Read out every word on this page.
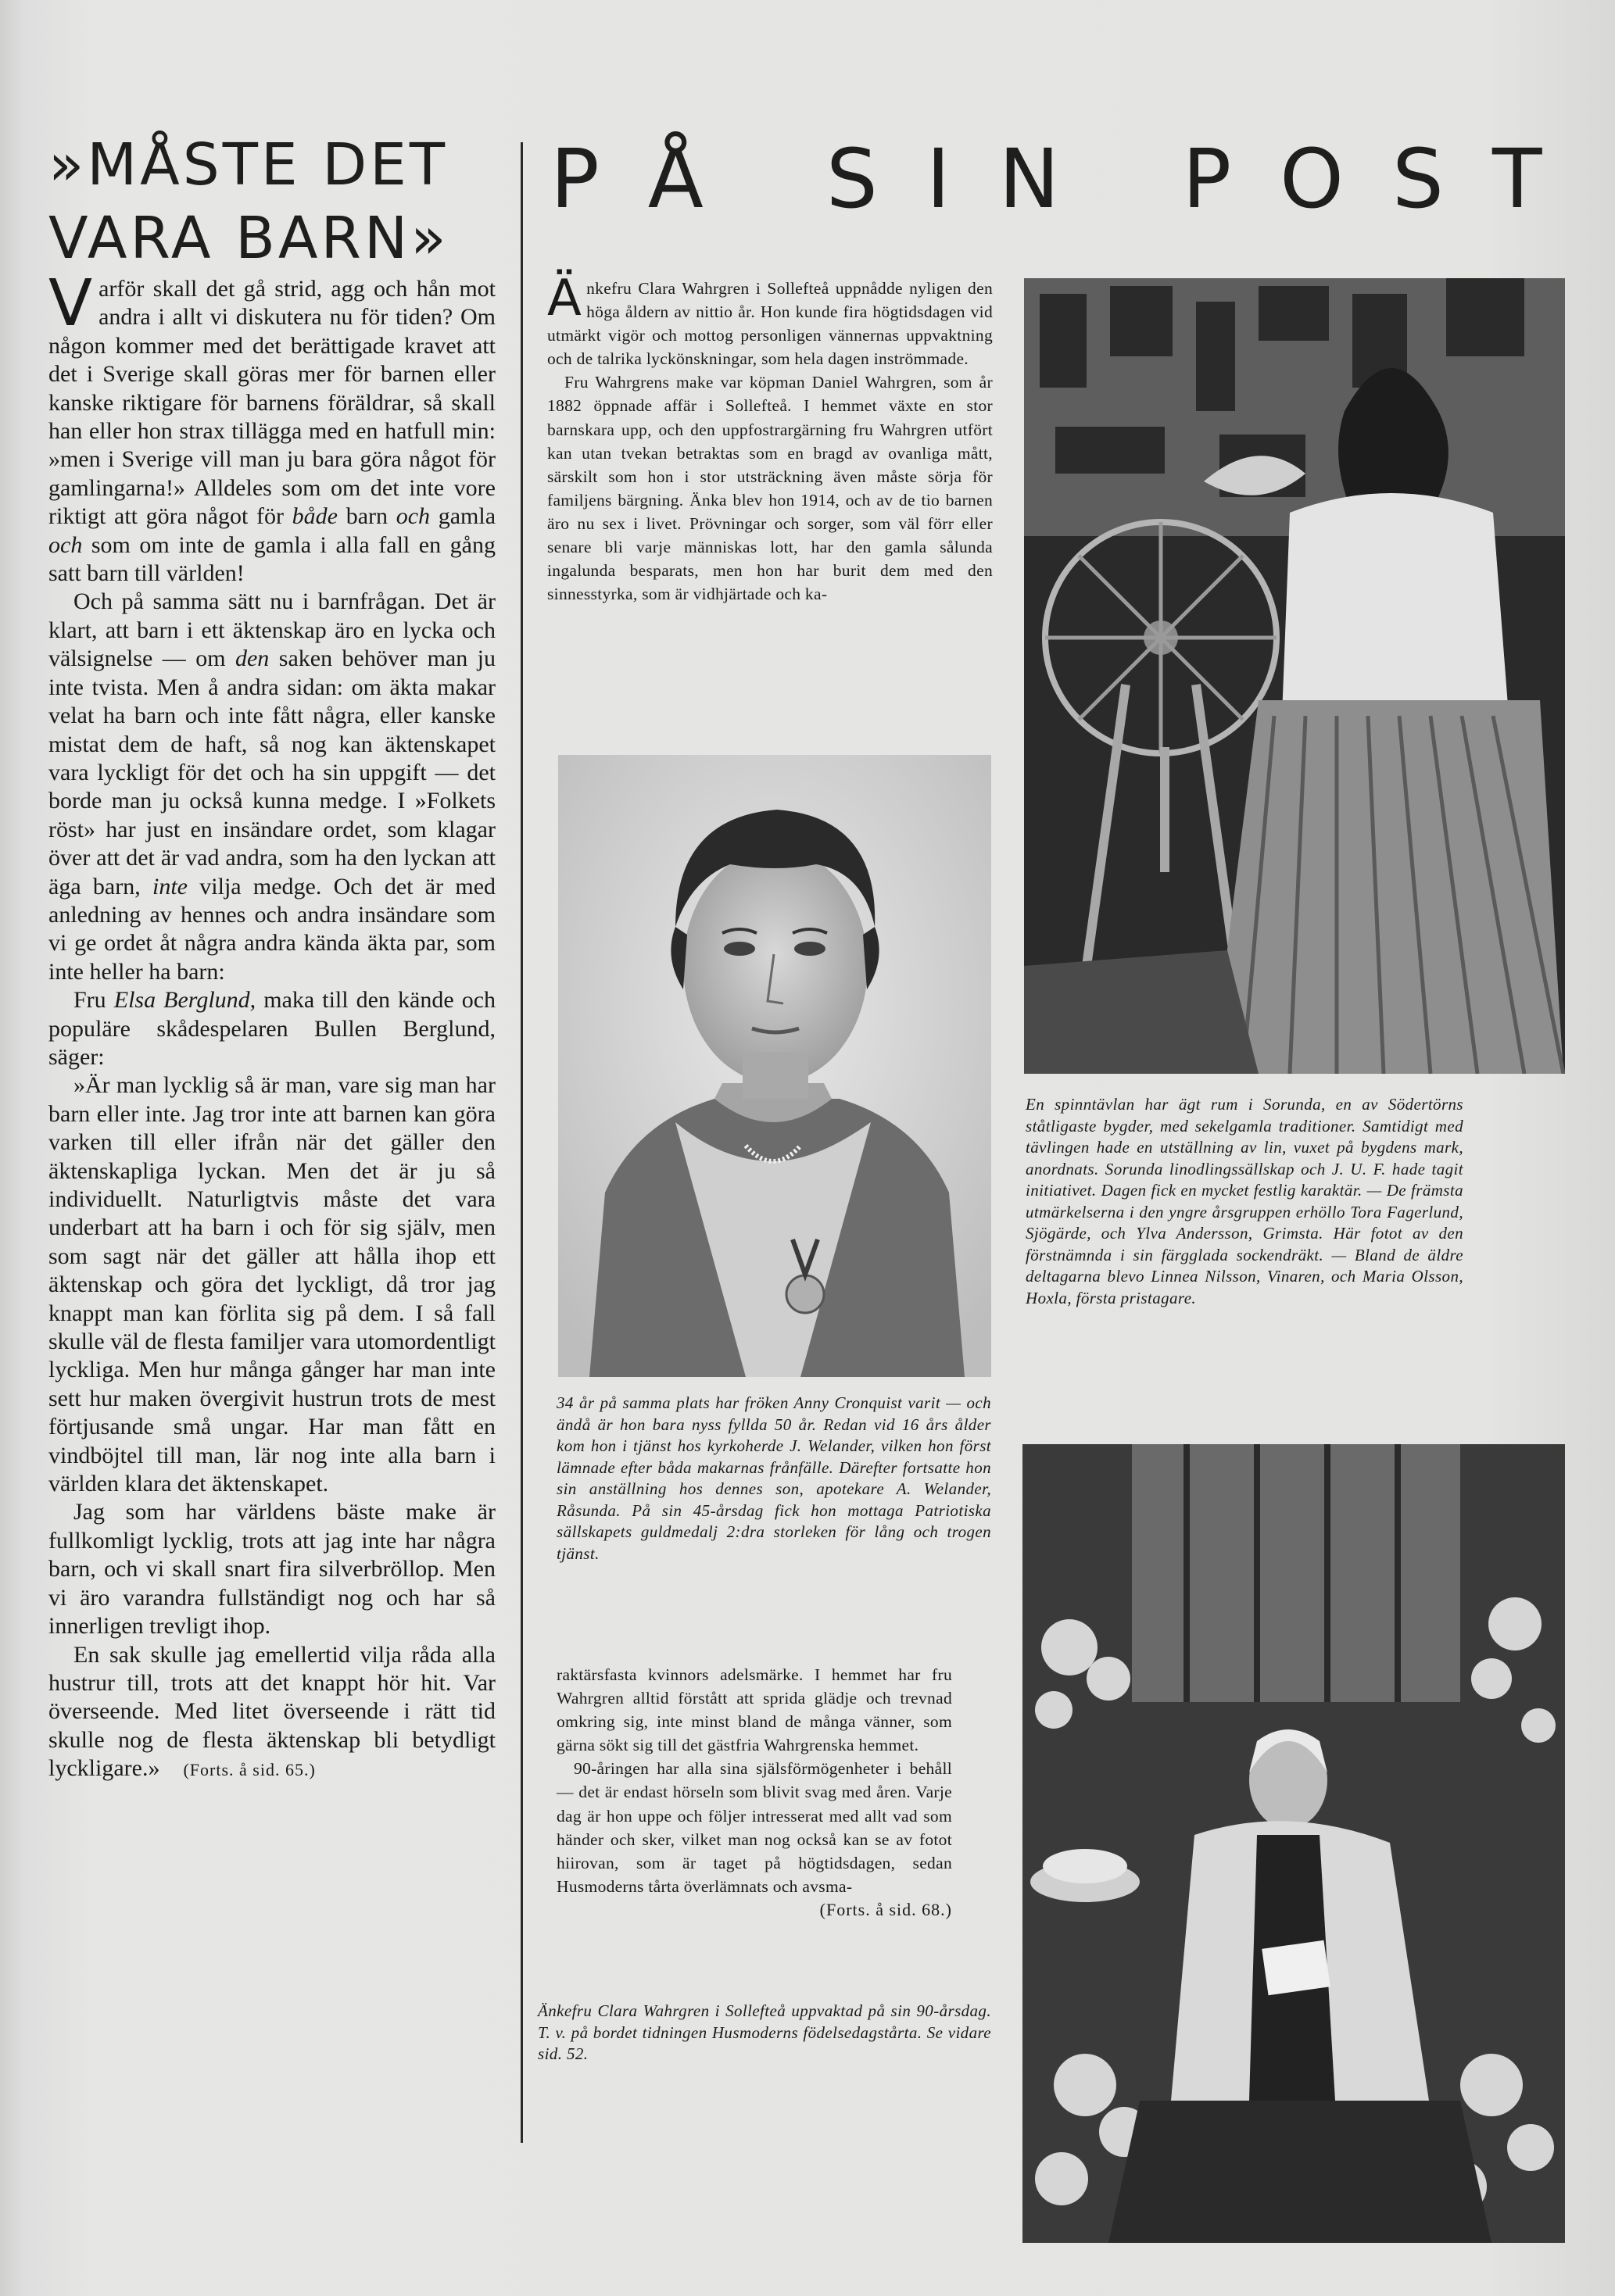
»MÅSTE DET
VARA BARN»
PÅ SIN POST

Varför skall det gå strid, agg och hån mot andra i allt vi diskutera nu för tiden? Om någon kommer med det berättigade kravet att det i Sverige skall göras mer för barnen eller kanske riktigare för barnens föräldrar, så skall han eller hon strax tillägga med en hatfull min: »men i Sverige vill man ju bara göra något för gamlingarna!» Alldeles som om det inte vore riktigt att göra något för både barn och gamla och som om inte de gamla i alla fall en gång satt barn till världen!

Och på samma sätt nu i barnfrågan. Det är klart, att barn i ett äktenskap äro en lycka och välsignelse — om den saken behöver man ju inte tvista. Men å andra sidan: om äkta makar velat ha barn och inte fått några, eller kanske mistat dem de haft, så nog kan äktenskapet vara lyckligt för det och ha sin uppgift — det borde man ju också kunna medge. I »Folkets röst» har just en insändare ordet, som klagar över att det är vad andra, som ha den lyckan att äga barn, inte vilja medge. Och det är med anledning av hennes och andra insändare som vi ge ordet åt några andra kända äkta par, som inte heller ha barn:

Fru Elsa Berglund, maka till den kände och populäre skådespelaren Bullen Berglund, säger:

»Är man lycklig så är man, vare sig man har barn eller inte. Jag tror inte att barnen kan göra varken till eller ifrån när det gäller den äktenskapliga lyckan. Men det är ju så individuellt. Naturligtvis måste det vara underbart att ha barn i och för sig själv, men som sagt när det gäller att hålla ihop ett äktenskap och göra det lyckligt, då tror jag knappt man kan förlita sig på dem. I så fall skulle väl de flesta familjer vara utomordentligt lyckliga. Men hur många gånger har man inte sett hur maken övergivit hustrun trots de mest förtjusande små ungar. Har man fått en vindböjtel till man, lär nog inte alla barn i världen klara det äktenskapet.

Jag som har världens bäste make är fullkomligt lycklig, trots att jag inte har några barn, och vi skall snart fira silverbröllop. Men vi äro varandra fullständigt nog och har så innerligen trevligt ihop.

En sak skulle jag emellertid vilja råda alla hustrur till, trots att det knappt hör hit. Var överseende. Med litet överseende i rätt tid skulle nog de flesta äktenskap bli betydligt lyckligare.» (Forts. å sid. 65.)

Änkefru Clara Wahrgren i Sollefteå uppnådde nyligen den höga åldern av nittio år. Hon kunde fira högtidsdagen vid utmärkt vigör och mottog personligen vännernas uppvaktning och de talrika lyckönskningar, som hela dagen inströmmade.

Fru Wahrgrens make var köpman Daniel Wahrgren, som år 1882 öppnade affär i Sollefteå. I hemmet växte en stor barnskara upp, och den uppfostrargärning fru Wahrgren utfört kan utan tvekan betraktas som en bragd av ovanliga mått, särskilt som hon i stor utsträckning även måste sörja för familjens bärgning. Änka blev hon 1914, och av de tio barnen äro nu sex i livet. Prövningar och sorger, som väl förr eller senare bli varje människas lott, har den gamla sålunda ingalunda besparats, men hon har burit dem med den sinnesstyrka, som är vidhjärtade och ka-

34 år på samma plats har fröken Anny Cronquist varit — och ändå är hon bara nyss fyllda 50 år. Redan vid 16 års ålder kom hon i tjänst hos kyrkoherde J. Welander, vilken hon först lämnade efter båda makarnas frånfälle. Därefter fortsatte hon sin anställning hos dennes son, apotekare A. Welander, Råsunda. På sin 45-årsdag fick hon mottaga Patriotiska sällskapets guldmedalj 2:dra storleken för lång och trogen tjänst.

raktärsfasta kvinnors adelsmärke. I hemmet har fru Wahrgren alltid förstått att sprida glädje och trevnad omkring sig, inte minst bland de många vänner, som gärna sökt sig till det gästfria Wahrgrenska hemmet.

90-åringen har alla sina själsförmögenheter i behåll — det är endast hörseln som blivit svag med åren. Varje dag är hon uppe och följer intresserat med allt vad som händer och sker, vilket man nog också kan se av fotot hiirovan, som är taget på högtidsdagen, sedan Husmoderns tårta överlämnats och avsma-

(Forts. å sid. 68.)
Änkefru Clara Wahrgren i Sollefteå uppvaktad på sin 90-årsdag. T. v. på bordet tidningen Husmoderns födelsedagstårta. Se vidare sid. 52.
En spinntävlan har ägt rum i Sorunda, en av Södertörns ståtligaste bygder, med sekelgamla traditioner. Samtidigt med tävlingen hade en utställning av lin, vuxet på bygdens mark, anordnats. Sorunda linodlingssällskap och J. U. F. hade tagit initiativet. Dagen fick en mycket festlig karaktär. — De främsta utmärkelserna i den yngre årsgruppen erhöllo Tora Fagerlund, Sjögärde, och Ylva Andersson, Grimsta. Här fotot av den förstnämnda i sin färgglada sockendräkt. — Bland de äldre deltagarna blevo Linnea Nilsson, Vinaren, och Maria Olsson, Hoxla, första pristagare.
